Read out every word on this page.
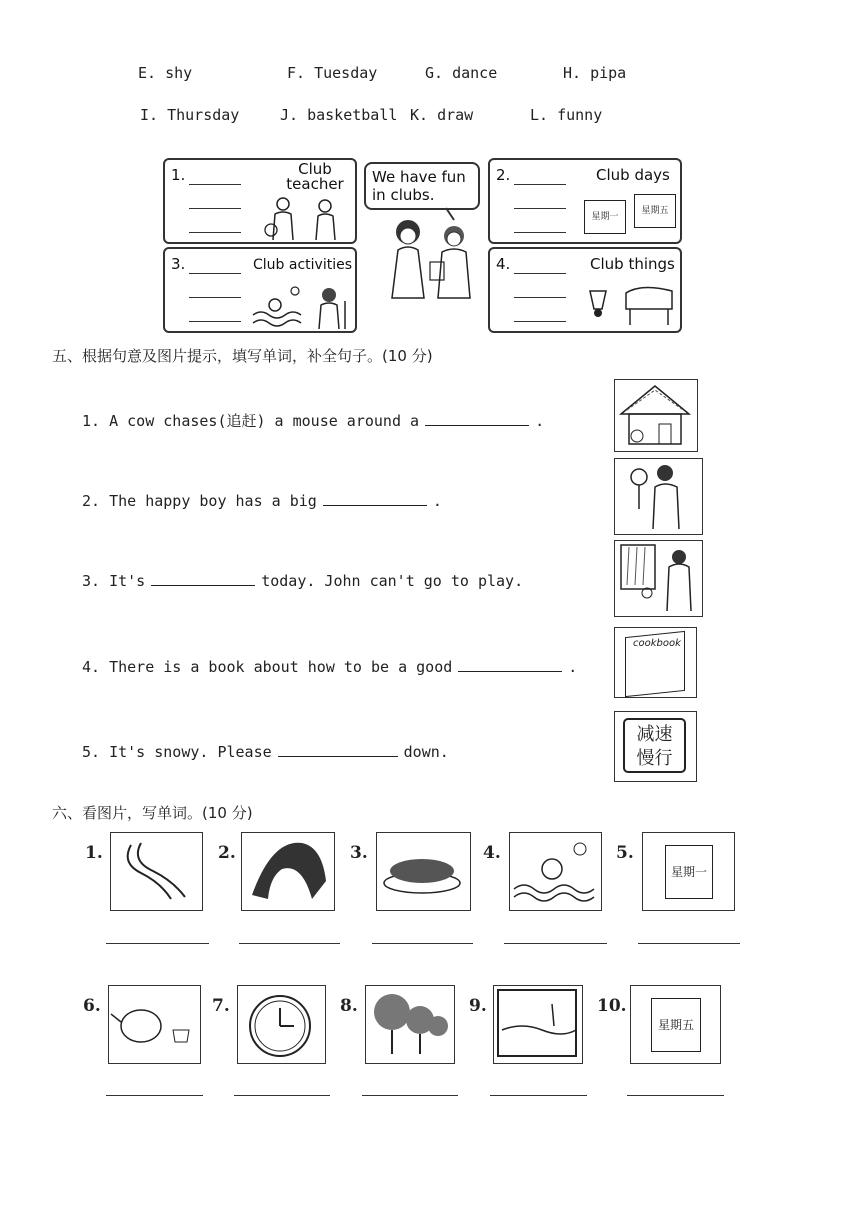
E. shy	F. Tuesday	G. dance	H. pipa
I. Thursday	J. basketball K. draw	L. funny
1.	Club
teacher
3.	Club activities
2.	Club days
星期一
星期五
4.	Club things
We have fun in clubs.
五、根据句意及图片提示，填写单词，补全句子。(10 分)
1. A cow chases(追赶) a mouse around a	.
2. The happy boy has a big	.
3. It's	today. John can't go to play.
4. There is a book about how to be a good	.
5. It's snowy. Please	down.
cookbook
减速
慢行
六、看图片，写单词。(10 分)
1.	2.	3.	4.	5.
星期一
6.	7.	8.	9.	10.
星期五
